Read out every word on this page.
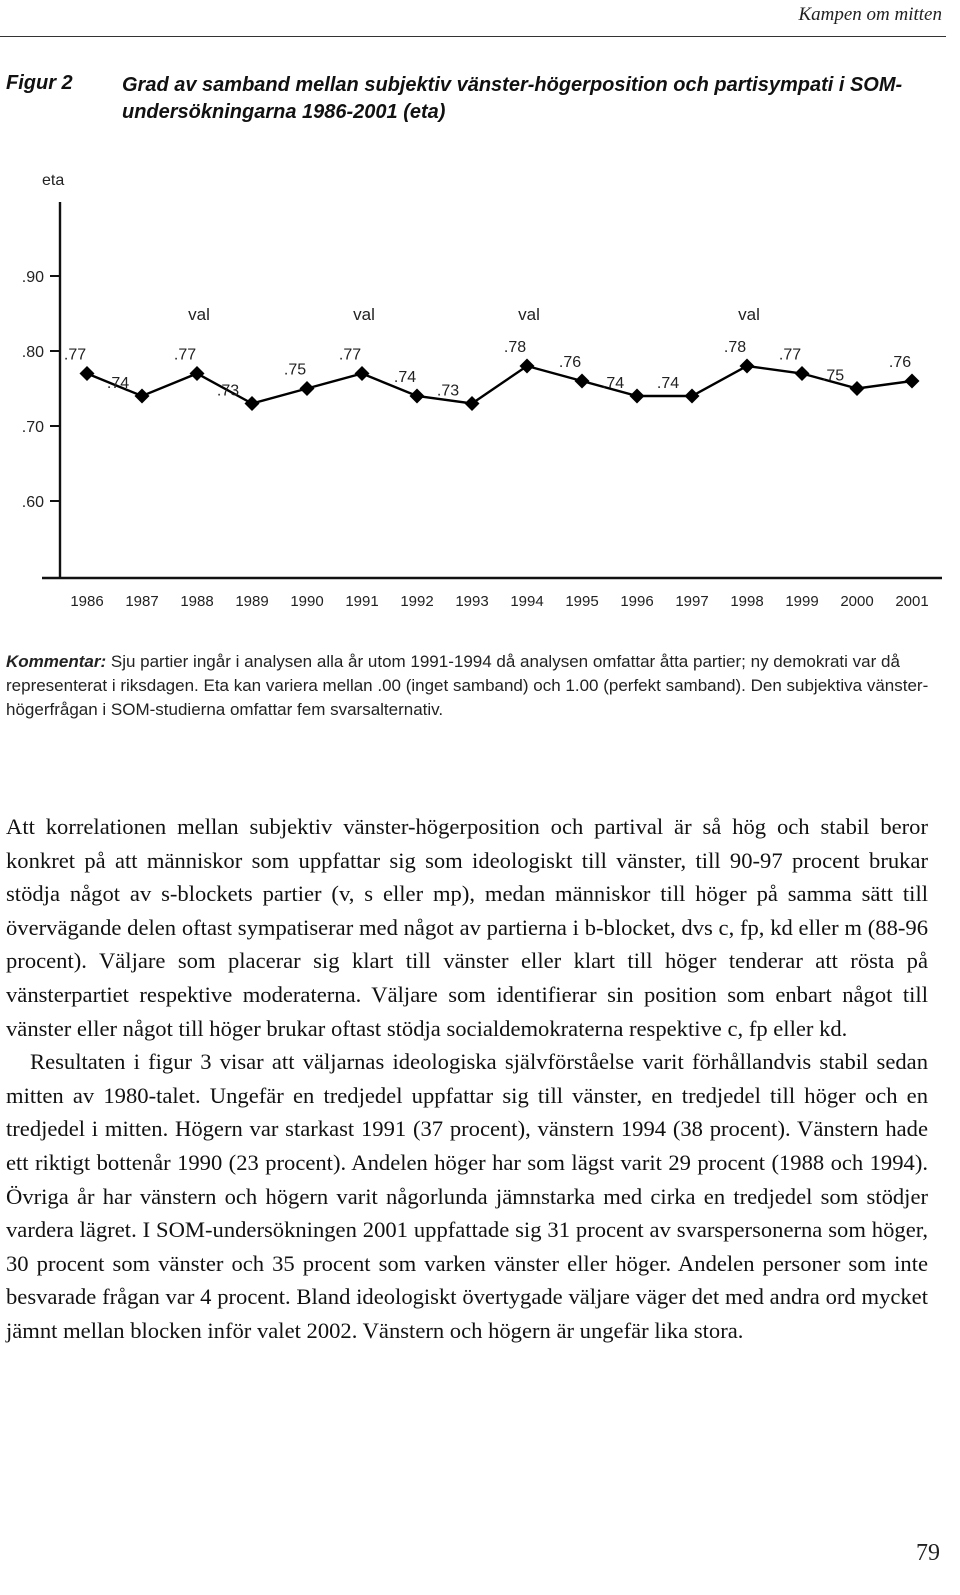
Kampen om mitten
Figur 2 Grad av samband mellan subjektiv vänster-högerposition och partisympati i SOM-undersökningarna 1986-2001 (eta)
eta
.90
.80
.70
.60
1986 1987 1988 1989 1990 1991 1992 1993 1994 1995 1996 1997 1998 1999 2000 2001
val	val	val	val
.77
.74
.77
.73
.75
.77
.74
.73
.78
.76
.74 .74
.78 .77
.75
.76
Kommentar: Sju partier ingår i analysen alla år utom 1991-1994 då analysen omfattar åtta partier; ny demokrati var då representerat i riksdagen. Eta kan variera mellan .00 (inget samband) och 1.00 (perfekt samband). Den subjektiva vänster-högerfrågan i SOM-studierna omfattar fem svarsalternativ.

Att korrelationen mellan subjektiv vänster-högerposition och partival är så hög och stabil beror konkret på att människor som uppfattar sig som ideologiskt till vänster, till 90-97 procent brukar stödja något av s-blockets partier (v, s eller mp), medan människor till höger på samma sätt till övervägande delen oftast sympatiserar med något av partierna i b-blocket, dvs c, fp, kd eller m (88-96 procent). Väljare som placerar sig klart till vänster eller klart till höger tenderar att rösta på vänsterpartiet respektive moderaterna. Väljare som identifierar sin position som enbart något till vänster eller något till höger brukar oftast stödja socialdemokraterna respektive c, fp eller kd.

Resultaten i figur 3 visar att väljarnas ideologiska självförståelse varit förhållandvis stabil sedan mitten av 1980-talet. Ungefär en tredjedel uppfattar sig till vänster, en tredjedel till höger och en tredjedel i mitten. Högern var starkast 1991 (37 procent), vänstern 1994 (38 procent). Vänstern hade ett riktigt bottenår 1990 (23 procent). Andelen höger har som lägst varit 29 procent (1988 och 1994). Övriga år har vänstern och högern varit någorlunda jämnstarka med cirka en tredjedel som stödjer vardera lägret. I SOM-undersökningen 2001 uppfattade sig 31 procent av svarspersonerna som höger, 30 procent som vänster och 35 procent som varken vänster eller höger. Andelen personer som inte besvarade frågan var 4 procent. Bland ideologiskt övertygade väljare väger det med andra ord mycket jämnt mellan blocken inför valet 2002. Vänstern och högern är ungefär lika stora.

79
